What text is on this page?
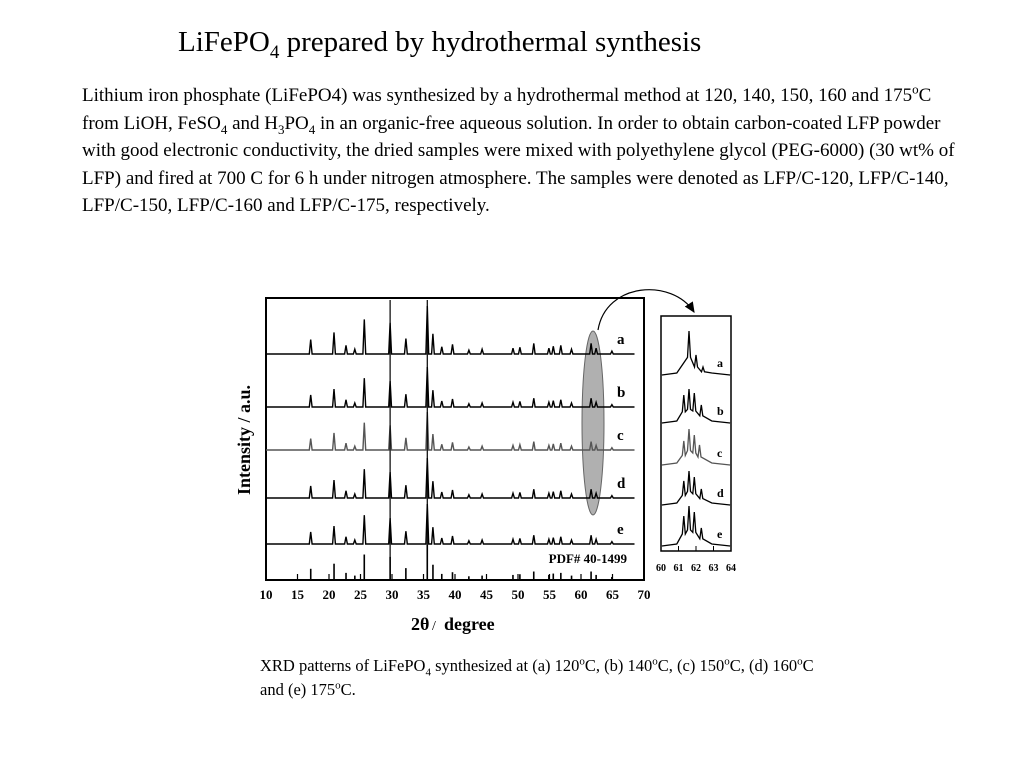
LiFePO$_4$ prepared by hydrothermal synthesis
Lithium iron phosphate (LiFePO4) was synthesized by a hydrothermal method at 120, 140, 150, 160 and 175$^o$C from LiOH, FeSO$_4$ and $H_3PO_4$ in an organic-free aqueous solution. In order to obtain carbon-coated LFP powder with good electronic conductivity, the dried samples were mixed with polyethylene glycol (PEG-6000) (30 wt% of LFP) and fired at 700 C for 6 h under nitrogen atmosphere. The samples were denoted as LFP/C-120, LFP/C-140, LFP/C-150, LFP/C-160 and LFP/C-175, respectively.
a
b
c
d
e
10 15 20 25 30 35 40 45 50 55 60 65 70
PDF# 40-1499
Intensity / a.u.
2θ / degree
a
b
c
d
e
60 61 62 63 64
XRD patterns of LiFePO$_4$ synthesized at (a) 120$^o$C, (b) 140$^o$C, (c) 150$^o$C, (d) 160$^o$C and (e) 175$^o$C.
